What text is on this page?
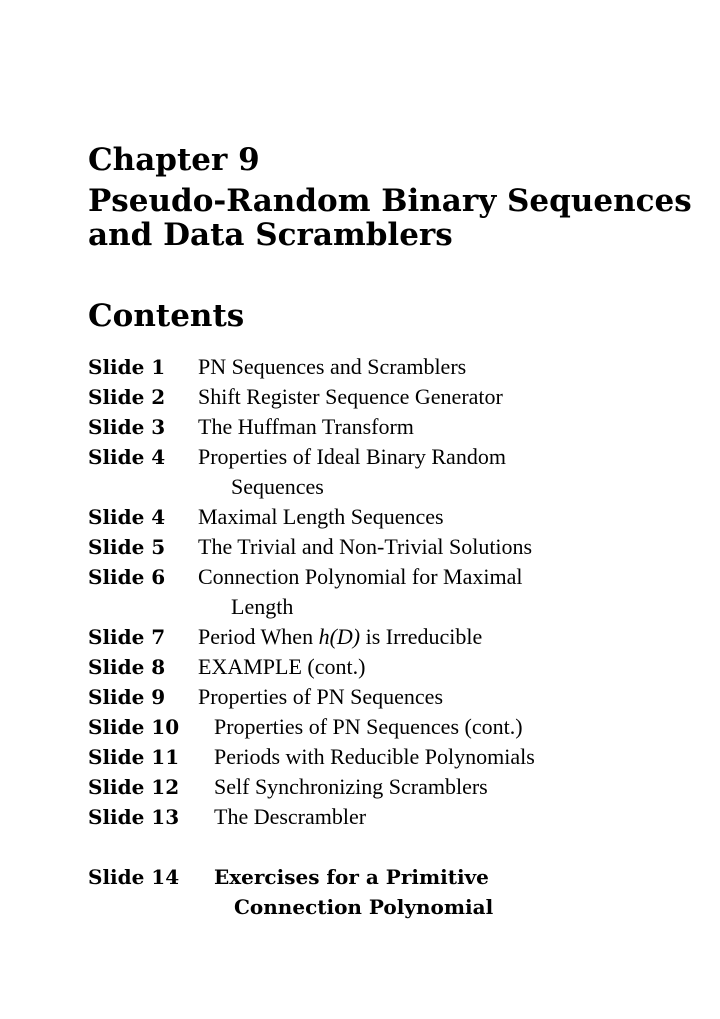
Chapter 9
Pseudo-Random Binary Sequences
and Data Scramblers
Contents
Slide 1	PN Sequences and Scramblers
Slide 2	Shift Register Sequence Generator
Slide 3	The Huffman Transform
Slide 4	Properties of Ideal Binary Random
Sequences
Slide 4	Maximal Length Sequences
Slide 5	The Trivial and Non-Trivial Solutions
Slide 6	Connection Polynomial for Maximal
Length
Slide 7	Period When h(D) is Irreducible
Slide 8	EXAMPLE (cont.)
Slide 9	Properties of PN Sequences
Slide 10	Properties of PN Sequences (cont.)
Slide 11	Periods with Reducible Polynomials
Slide 12	Self Synchronizing Scramblers
Slide 13	The Descrambler
Slide 14	Exercises for a Primitive
Connection Polynomial
